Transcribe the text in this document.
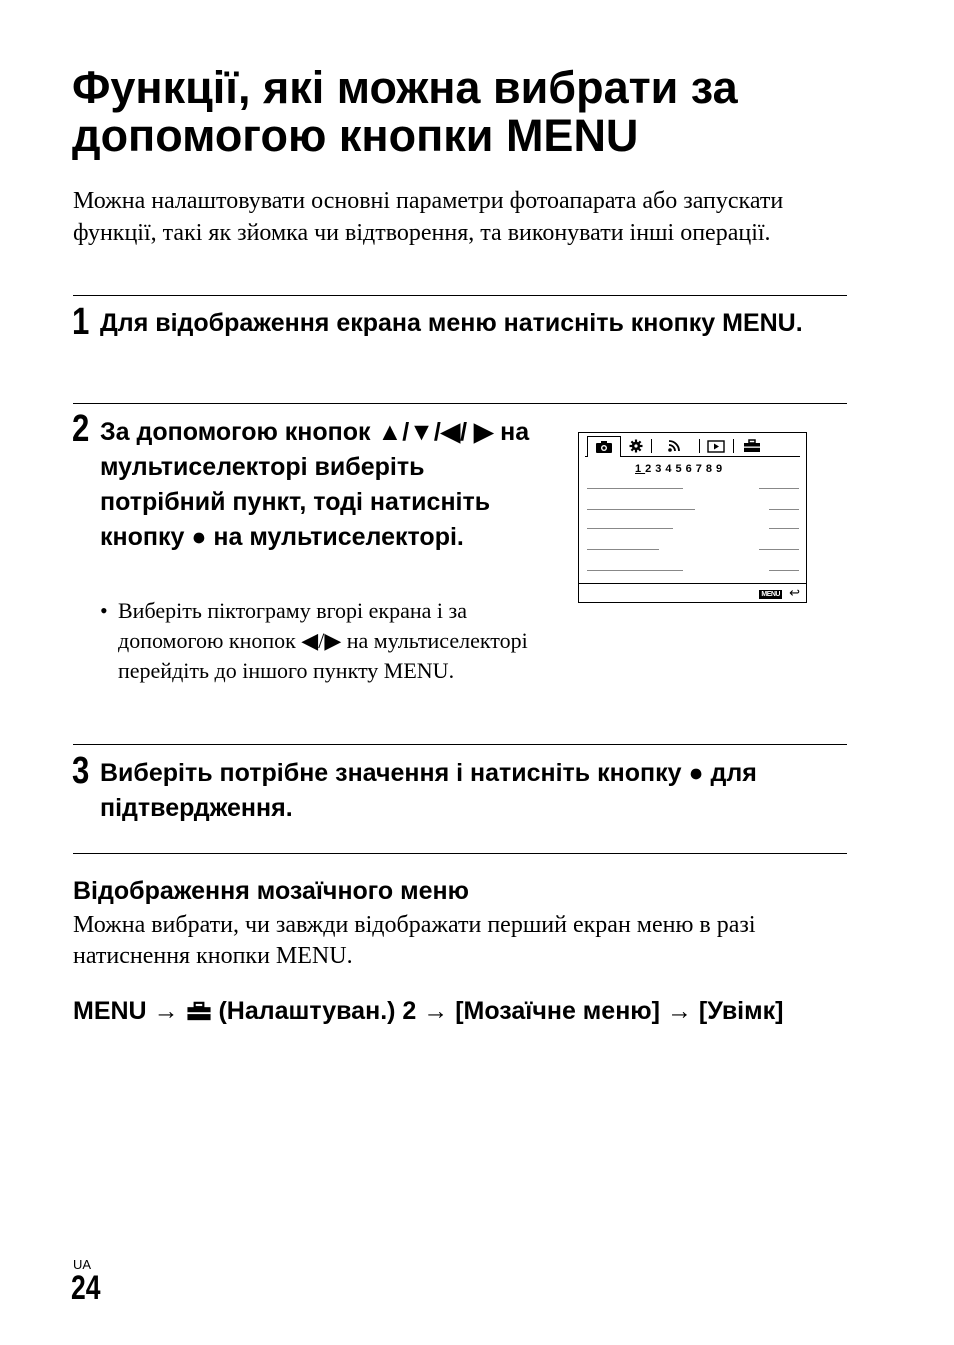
Функції, які можна вибрати за
допомогою кнопки MENU

Можна налаштовувати основні параметри фотоапарата або запускати функції, такі як зйомка чи відтворення, та виконувати інші операції.

1 Для відображення екрана меню натисніть кнопку MENU.

2 За допомогою кнопок ▲/▼/◀/ ▶ на мультиселекторі виберіть потрібний пункт, тоді натисніть кнопку ● на мультиселекторі.

• Виберіть піктограму вгорі екрана і за допомогою кнопок ◀/▶ на мультиселекторі перейдіть до іншого пункту MENU.
123456789
MENU ↩
3 Виберіть потрібне значення і натисніть кнопку ● для підтвердження.

Відображення мозаїчного меню

Можна вибрати, чи завжди відображати перший екран меню в разі натиснення кнопки MENU.

MENU → (Налаштуван.) 2 → [Мозаїчне меню] → [Увімк]

UA
24
